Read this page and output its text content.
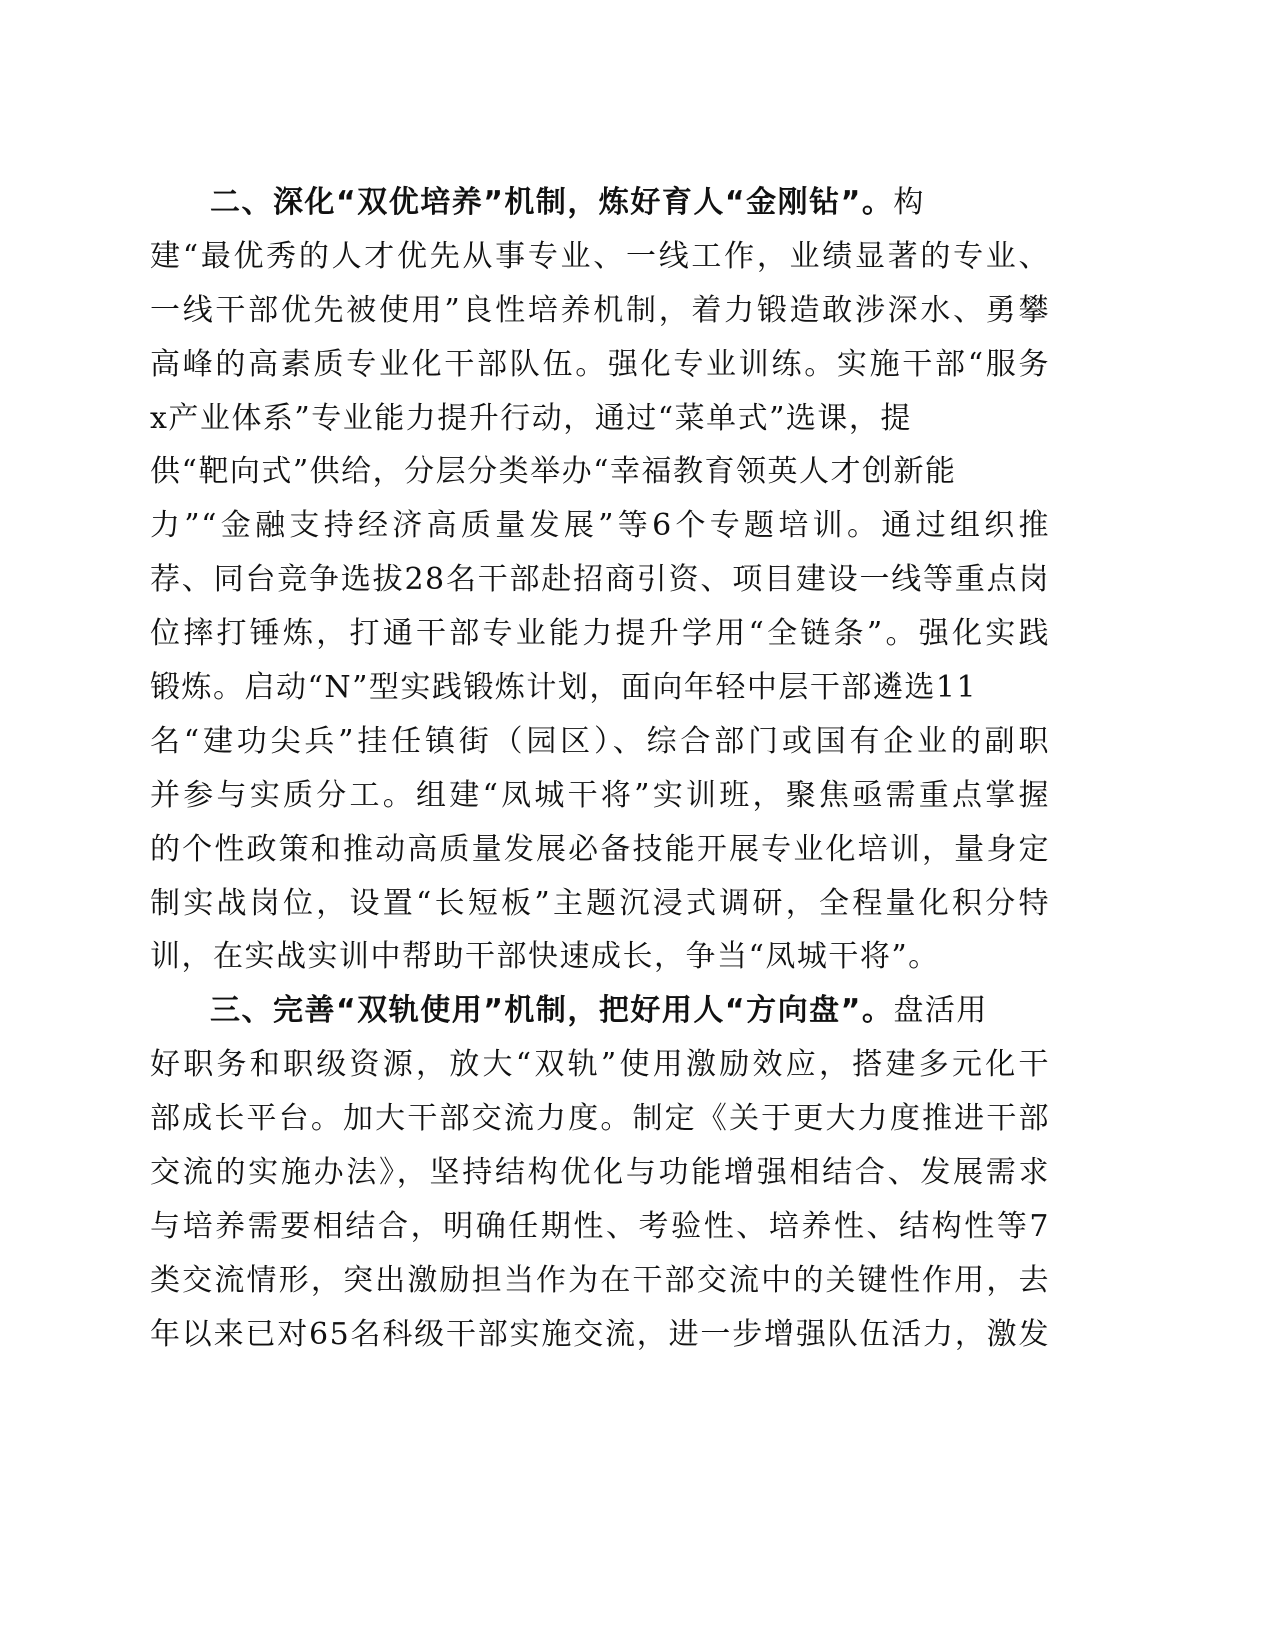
二、深化“双优培养”机制，炼好育人“金刚钻”。构
建“最优秀的人才优先从事专业、一线工作，业绩显著的专业、
一线干部优先被使用”良性培养机制，着力锻造敢涉深水、勇攀
高峰的高素质专业化干部队伍。强化专业训练。实施干部“服务
x产业体系”专业能力提升行动，通过“菜单式”选课，提
供“靶向式”供给，分层分类举办“幸福教育领英人才创新能
力”“金融支持经济高质量发展”等6个专题培训。通过组织推
荐、同台竞争选拔28名干部赴招商引资、项目建设一线等重点岗
位摔打锤炼，打通干部专业能力提升学用“全链条”。强化实践
锻炼。启动“N”型实践锻炼计划，面向年轻中层干部遴选11
名“建功尖兵”挂任镇街（园区）、综合部门或国有企业的副职
并参与实质分工。组建“凤城干将”实训班，聚焦亟需重点掌握
的个性政策和推动高质量发展必备技能开展专业化培训，量身定
制实战岗位，设置“长短板”主题沉浸式调研，全程量化积分特
训，在实战实训中帮助干部快速成长，争当“凤城干将”。
三、完善“双轨使用”机制，把好用人“方向盘”。盘活用
好职务和职级资源，放大“双轨”使用激励效应，搭建多元化干
部成长平台。加大干部交流力度。制定《关于更大力度推进干部
交流的实施办法》，坚持结构优化与功能增强相结合、发展需求
与培养需要相结合，明确任期性、考验性、培养性、结构性等7
类交流情形，突出激励担当作为在干部交流中的关键性作用，去
年以来已对65名科级干部实施交流，进一步增强队伍活力，激发
